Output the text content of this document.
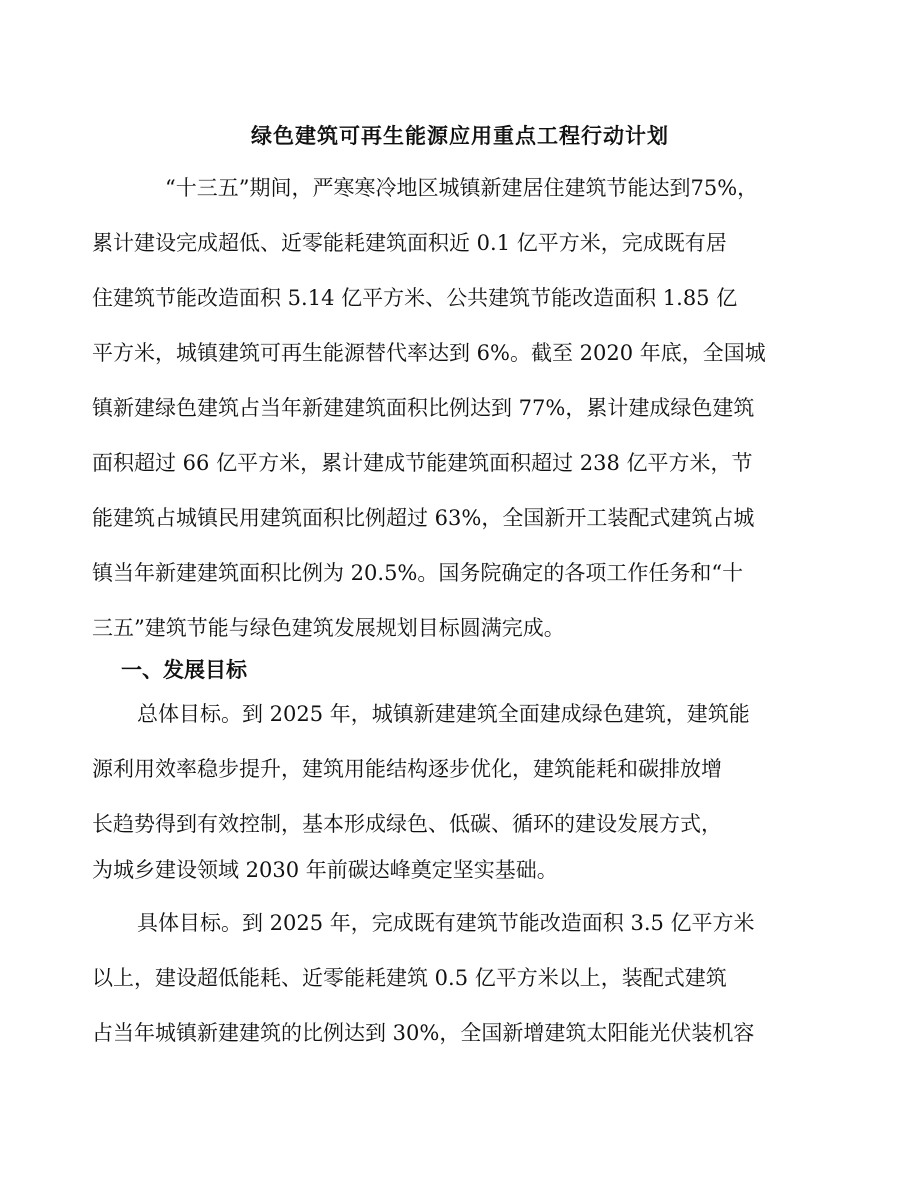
绿色建筑可再生能源应用重点工程行动计划
“十三五”期间，严寒寒冷地区城镇新建居住建筑节能达到75%，
累计建设完成超低、近零能耗建筑面积近 0.1 亿平方米，完成既有居
住建筑节能改造面积 5.14 亿平方米、公共建筑节能改造面积 1.85 亿
平方米，城镇建筑可再生能源替代率达到 6%。截至 2020 年底，全国城
镇新建绿色建筑占当年新建建筑面积比例达到 77%，累计建成绿色建筑
面积超过 66 亿平方米，累计建成节能建筑面积超过 238 亿平方米，节
能建筑占城镇民用建筑面积比例超过 63%，全国新开工装配式建筑占城
镇当年新建建筑面积比例为 20.5%。国务院确定的各项工作任务和“十
三五”建筑节能与绿色建筑发展规划目标圆满完成。
一、发展目标
总体目标。到 2025 年，城镇新建建筑全面建成绿色建筑，建筑能
源利用效率稳步提升，建筑用能结构逐步优化，建筑能耗和碳排放增
长趋势得到有效控制，基本形成绿色、低碳、循环的建设发展方式，
为城乡建设领域 2030 年前碳达峰奠定坚实基础。
具体目标。到 2025 年，完成既有建筑节能改造面积 3.5 亿平方米
以上，建设超低能耗、近零能耗建筑 0.5 亿平方米以上，装配式建筑
占当年城镇新建建筑的比例达到 30%，全国新增建筑太阳能光伏装机容
